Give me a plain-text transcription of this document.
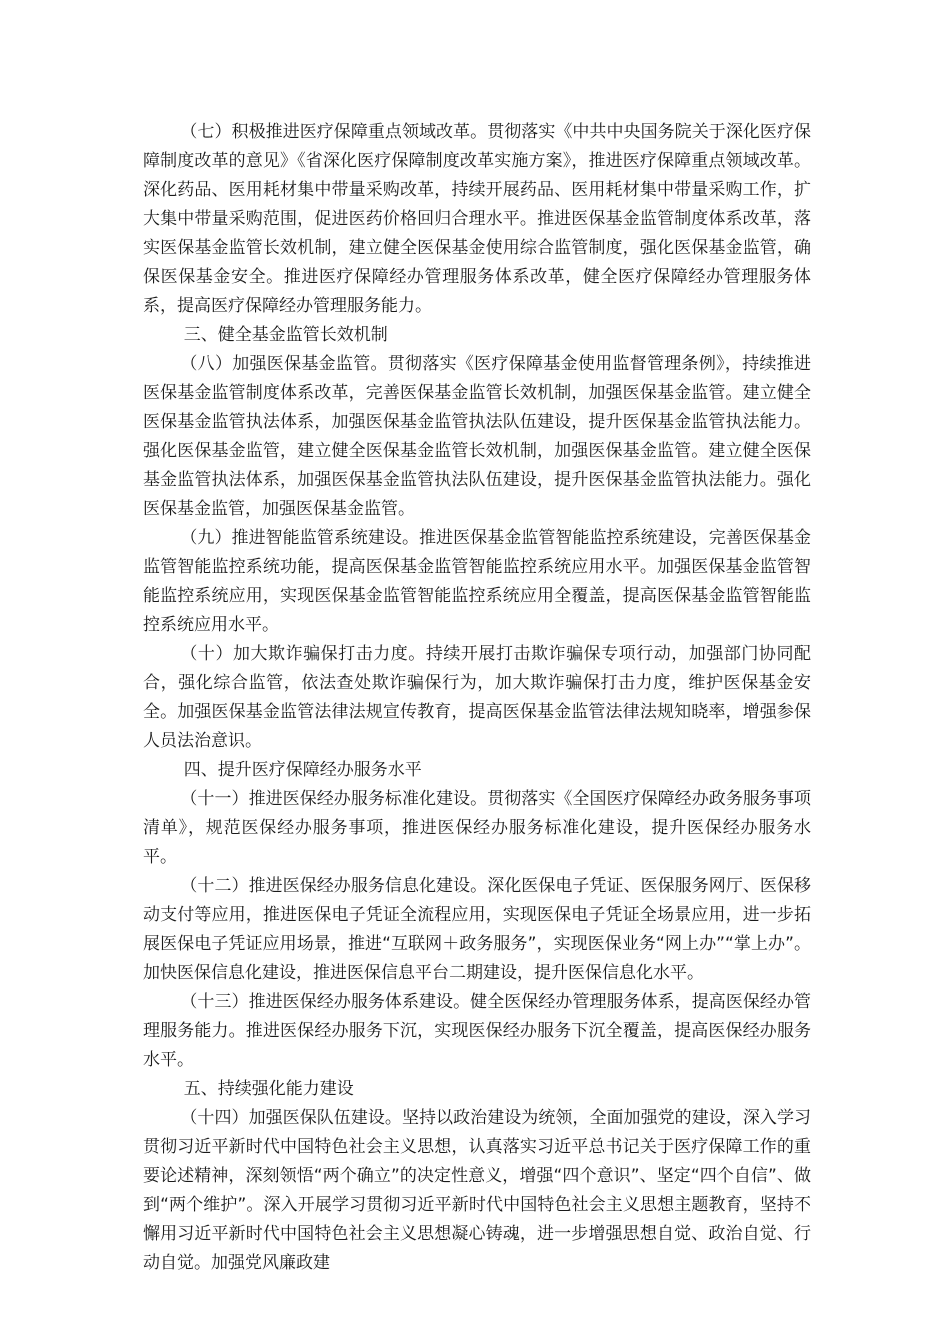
（七）积极推进医疗保障重点领域改革。贯彻落实《中共中央国务院关于深化医疗保障制度改革的意见》《省深化医疗保障制度改革实施方案》，推进医疗保障重点领域改革。深化药品、医用耗材集中带量采购改革，持续开展药品、医用耗材集中带量采购工作，扩大集中带量采购范围，促进医药价格回归合理水平。推进医保基金监管制度体系改革，落实医保基金监管长效机制，建立健全医保基金使用综合监管制度，强化医保基金监管，确保医保基金安全。推进医疗保障经办管理服务体系改革，健全医疗保障经办管理服务体系，提高医疗保障经办管理服务能力。

三、健全基金监管长效机制

（八）加强医保基金监管。贯彻落实《医疗保障基金使用监督管理条例》，持续推进医保基金监管制度体系改革，完善医保基金监管长效机制，加强医保基金监管。建立健全医保基金监管执法体系，加强医保基金监管执法队伍建设，提升医保基金监管执法能力。强化医保基金监管，建立健全医保基金监管长效机制，加强医保基金监管。建立健全医保基金监管执法体系，加强医保基金监管执法队伍建设，提升医保基金监管执法能力。强化医保基金监管，加强医保基金监管。

（九）推进智能监管系统建设。推进医保基金监管智能监控系统建设，完善医保基金监管智能监控系统功能，提高医保基金监管智能监控系统应用水平。加强医保基金监管智能监控系统应用，实现医保基金监管智能监控系统应用全覆盖，提高医保基金监管智能监控系统应用水平。

（十）加大欺诈骗保打击力度。持续开展打击欺诈骗保专项行动，加强部门协同配合，强化综合监管，依法查处欺诈骗保行为，加大欺诈骗保打击力度，维护医保基金安全。加强医保基金监管法律法规宣传教育，提高医保基金监管法律法规知晓率，增强参保人员法治意识。

四、提升医疗保障经办服务水平

（十一）推进医保经办服务标准化建设。贯彻落实《全国医疗保障经办政务服务事项清单》，规范医保经办服务事项，推进医保经办服务标准化建设，提升医保经办服务水平。

（十二）推进医保经办服务信息化建设。深化医保电子凭证、医保服务网厅、医保移动支付等应用，推进医保电子凭证全流程应用，实现医保电子凭证全场景应用，进一步拓展医保电子凭证应用场景，推进“互联网＋政务服务”，实现医保业务“网上办”“掌上办”。加快医保信息化建设，推进医保信息平台二期建设，提升医保信息化水平。

（十三）推进医保经办服务体系建设。健全医保经办管理服务体系，提高医保经办管理服务能力。推进医保经办服务下沉，实现医保经办服务下沉全覆盖，提高医保经办服务水平。

五、持续强化能力建设

（十四）加强医保队伍建设。坚持以政治建设为统领，全面加强党的建设，深入学习贯彻习近平新时代中国特色社会主义思想，认真落实习近平总书记关于医疗保障工作的重要论述精神，深刻领悟“两个确立”的决定性意义，增强“四个意识”、坚定“四个自信”、做到“两个维护”。深入开展学习贯彻习近平新时代中国特色社会主义思想主题教育，坚持不懈用习近平新时代中国特色社会主义思想凝心铸魂，进一步增强思想自觉、政治自觉、行动自觉。加强党风廉政建
